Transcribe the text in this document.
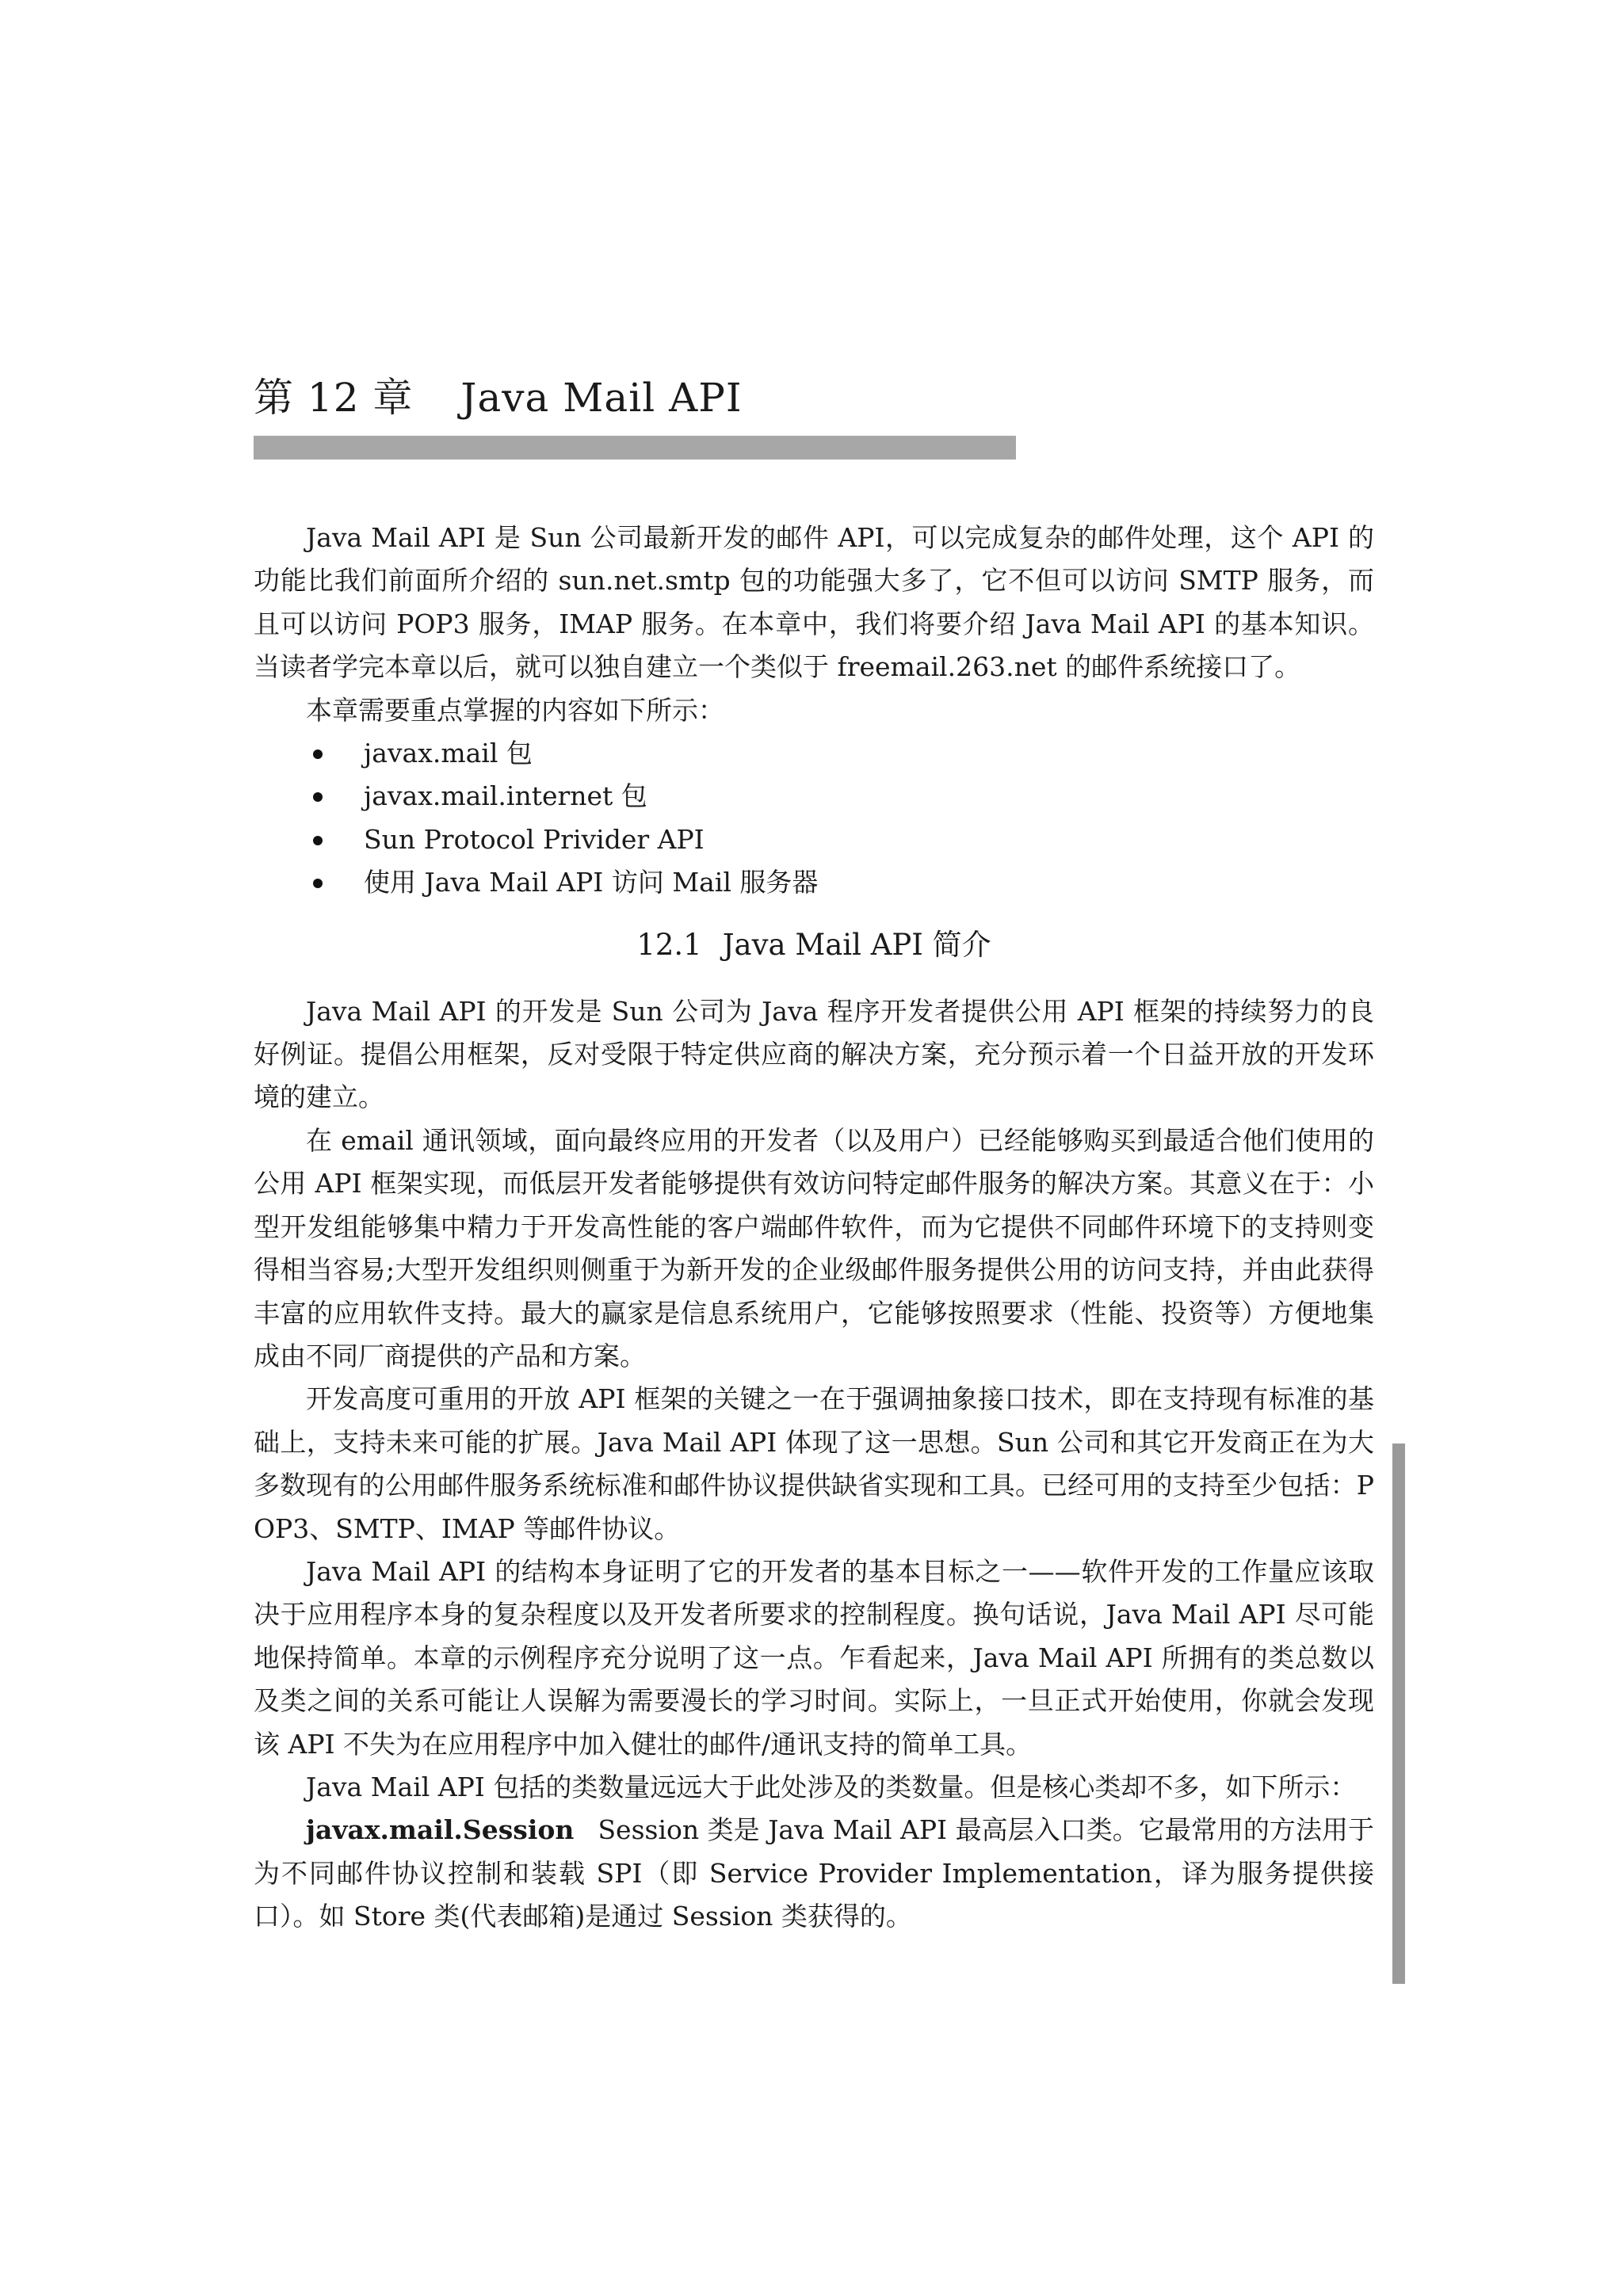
第 12 章 Java Mail API

Java Mail API 是 Sun 公司最新开发的邮件 API，可以完成复杂的邮件处理，这个 API 的功能比我们前面所介绍的 sun.net.smtp 包的功能强大多了，它不但可以访问 SMTP 服务，而且可以访问 POP3 服务，IMAP 服务。在本章中，我们将要介绍 Java Mail API 的基本知识。当读者学完本章以后，就可以独自建立一个类似于 freemail.263.net 的邮件系统接口了。

本章需要重点掌握的内容如下所示：

javax.mail 包
javax.mail.internet 包
Sun Protocol Privider API
使用 Java Mail API 访问 Mail 服务器
12.1 Java Mail API 简介

Java Mail API 的开发是 Sun 公司为 Java 程序开发者提供公用 API 框架的持续努力的良好例证。提倡公用框架，反对受限于特定供应商的解决方案，充分预示着一个日益开放的开发环境的建立。

在 email 通讯领域，面向最终应用的开发者（以及用户）已经能够购买到最适合他们使用的公用 API 框架实现，而低层开发者能够提供有效访问特定邮件服务的解决方案。其意义在于：小型开发组能够集中精力于开发高性能的客户端邮件软件，而为它提供不同邮件环境下的支持则变得相当容易;大型开发组织则侧重于为新开发的企业级邮件服务提供公用的访问支持，并由此获得丰富的应用软件支持。最大的赢家是信息系统用户，它能够按照要求（性能、投资等）方便地集成由不同厂商提供的产品和方案。

开发高度可重用的开放 API 框架的关键之一在于强调抽象接口技术，即在支持现有标准的基础上，支持未来可能的扩展。Java Mail API 体现了这一思想。Sun 公司和其它开发商正在为大多数现有的公用邮件服务系统标准和邮件协议提供缺省实现和工具。已经可用的支持至少包括：POP3、SMTP、IMAP 等邮件协议。

Java Mail API 的结构本身证明了它的开发者的基本目标之一——软件开发的工作量应该取决于应用程序本身的复杂程度以及开发者所要求的控制程度。换句话说，Java Mail API 尽可能地保持简单。本章的示例程序充分说明了这一点。乍看起来，Java Mail API 所拥有的类总数以及类之间的关系可能让人误解为需要漫长的学习时间。实际上，一旦正式开始使用，你就会发现该 API 不失为在应用程序中加入健壮的邮件/通讯支持的简单工具。

Java Mail API 包括的类数量远远大于此处涉及的类数量。但是核心类却不多，如下所示：

javax.mail.Session Session 类是 Java Mail API 最高层入口类。它最常用的方法用于为不同邮件协议控制和装载 SPI（即 Service Provider Implementation，译为服务提供接口）。如 Store 类(代表邮箱)是通过 Session 类获得的。
